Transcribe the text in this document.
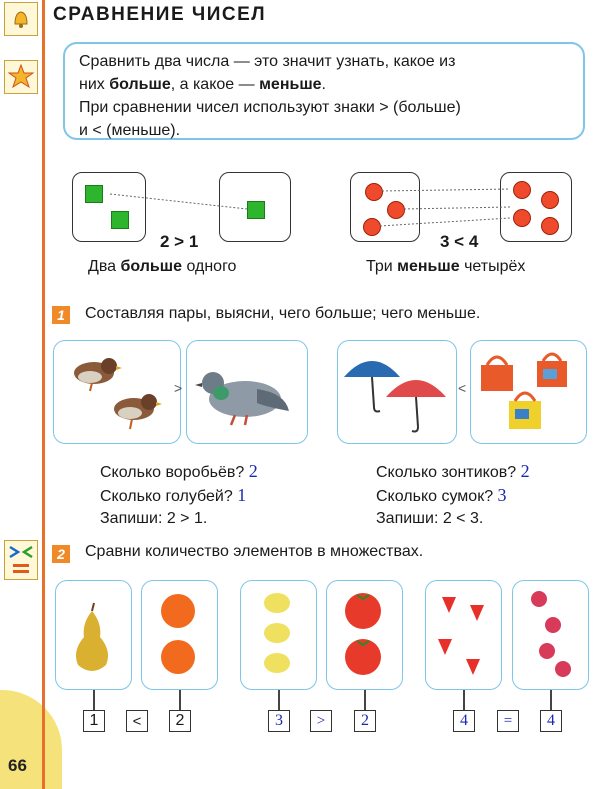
66
СРАВНЕНИЕ ЧИСЕЛ
Сравнить два числа — это значит узнать, какое из
них больше, а какое — меньше.
При сравнении чисел используют знаки > (больше)
и < (меньше).
2 > 1
Два больше одного
3 < 4
Три меньше четырёх
1	Составляя пары, выясни, чего больше; чего меньше.
>	<
Сколько воробьёв? 2
Сколько голубей? 1
Запиши: 2 > 1.
Сколько зонтиков? 2
Сколько сумок? 3
Запиши: 2 < 3.
2	Сравни количество элементов в множествах.
1	<	2	3	>	2	4	=	4
